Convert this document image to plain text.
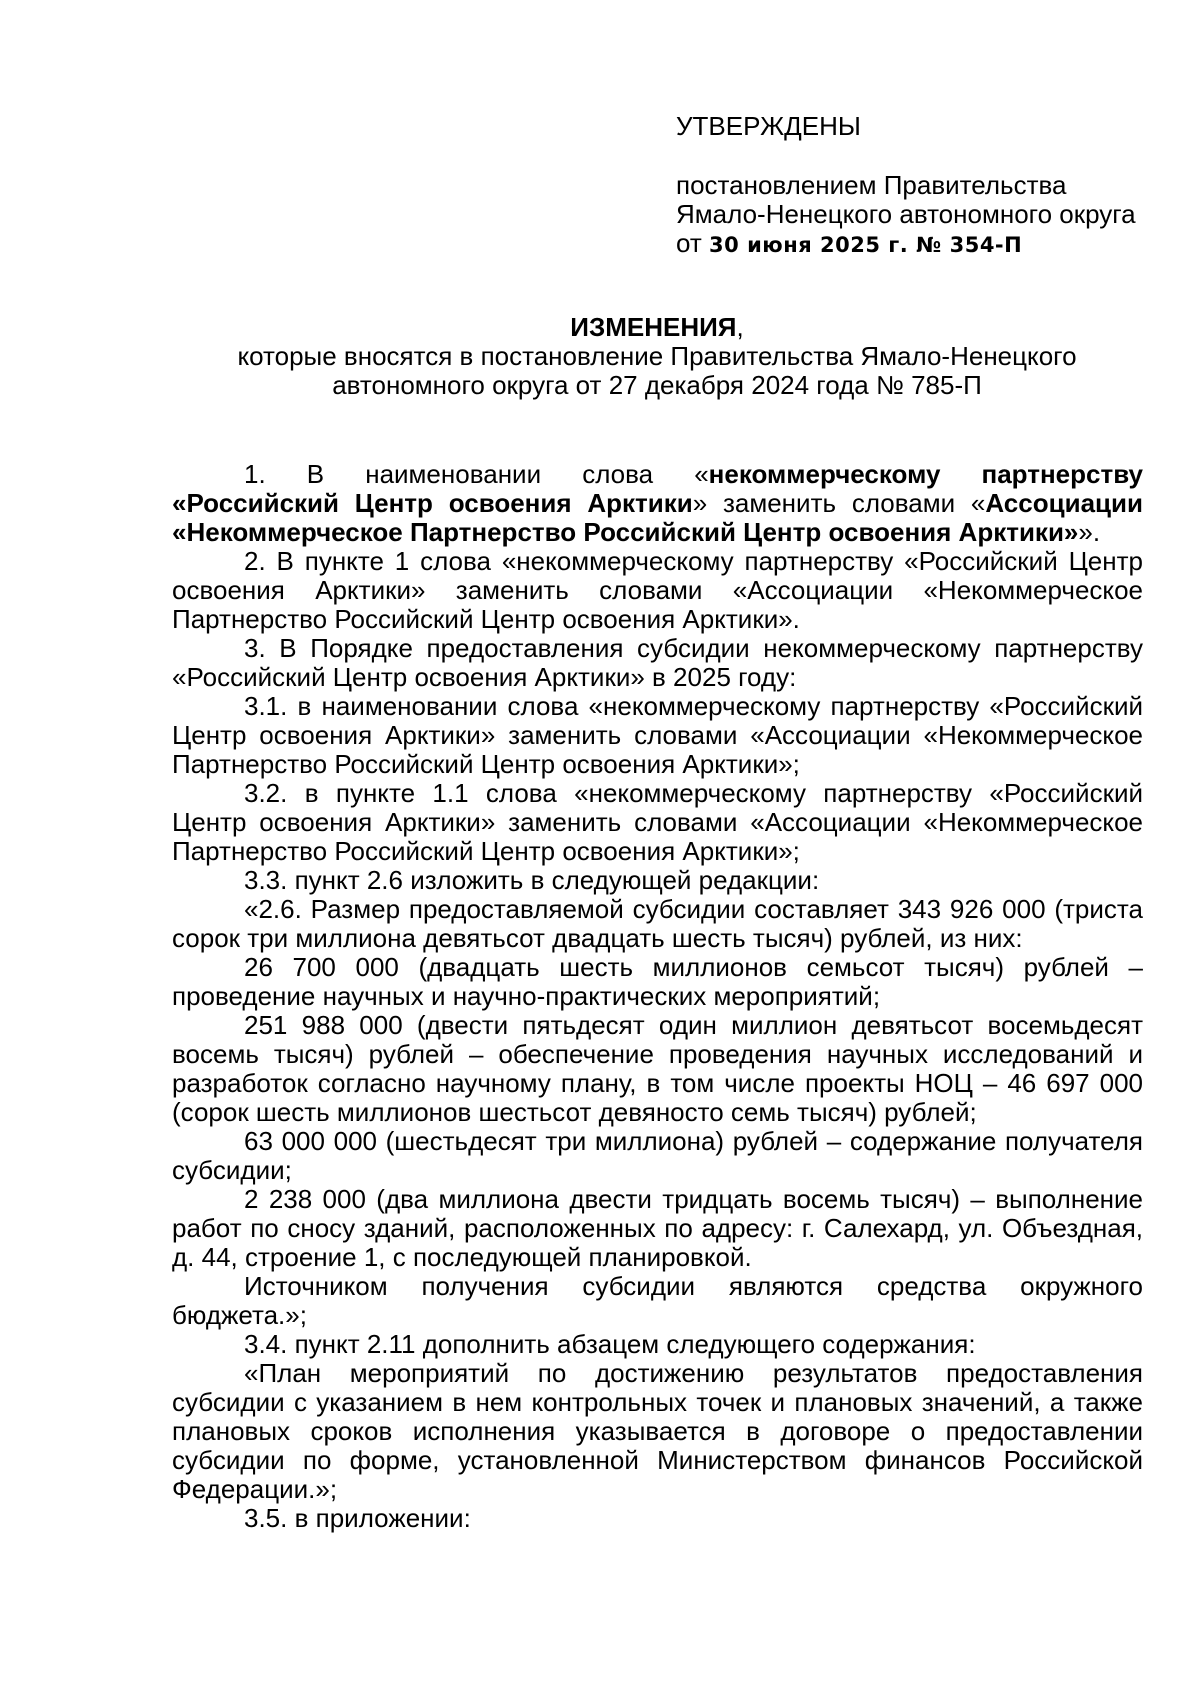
УТВЕРЖДЕНЫ
постановлением Правительства
Ямало-Ненецкого автономного округа
от 30 июня 2025 г. № 354-П
ИЗМЕНЕНИЯ,
которые вносятся в постановление Правительства Ямало-Ненецкого
автономного округа от 27 декабря 2024 года № 785-П

1. В наименовании слова «некоммерческому партнерству «Российский Центр освоения Арктики» заменить словами «Ассоциации «Некоммерческое Партнерство Российский Центр освоения Арктики»».

2. В пункте 1 слова «некоммерческому партнерству «Российский Центр освоения Арктики» заменить словами «Ассоциации «Некоммерческое Партнерство Российский Центр освоения Арктики».

3. В Порядке предоставления субсидии некоммерческому партнерству «Российский Центр освоения Арктики» в 2025 году:

3.1. в наименовании слова «некоммерческому партнерству «Российский Центр освоения Арктики» заменить словами «Ассоциации «Некоммерческое Партнерство Российский Центр освоения Арктики»;

3.2. в пункте 1.1 слова «некоммерческому партнерству «Российский Центр освоения Арктики» заменить словами «Ассоциации «Некоммерческое Партнерство Российский Центр освоения Арктики»;

3.3. пункт 2.6 изложить в следующей редакции:

«2.6. Размер предоставляемой субсидии составляет 343 926 000 (триста сорок три миллиона девятьсот двадцать шесть тысяч) рублей, из них:

26 700 000 (двадцать шесть миллионов семьсот тысяч) рублей – проведение научных и научно-практических мероприятий;

251 988 000 (двести пятьдесят один миллион девятьсот восемьдесят восемь тысяч) рублей – обеспечение проведения научных исследований и разработок согласно научному плану, в том числе проекты НОЦ – 46 697 000 (сорок шесть миллионов шестьсот девяносто семь тысяч) рублей;

63 000 000 (шестьдесят три миллиона) рублей – содержание получателя субсидии;

2 238 000 (два миллиона двести тридцать восемь тысяч) – выполнение работ по сносу зданий, расположенных по адресу: г. Салехард, ул. Объездная, д. 44, строение 1, с последующей планировкой.

Источником получения субсидии являются средства окружного бюджета.»;

3.4. пункт 2.11 дополнить абзацем следующего содержания:

«План мероприятий по достижению результатов предоставления субсидии с указанием в нем контрольных точек и плановых значений, а также плановых сроков исполнения указывается в договоре о предоставлении субсидии по форме, установленной Министерством финансов Российской Федерации.»;

3.5. в приложении:
